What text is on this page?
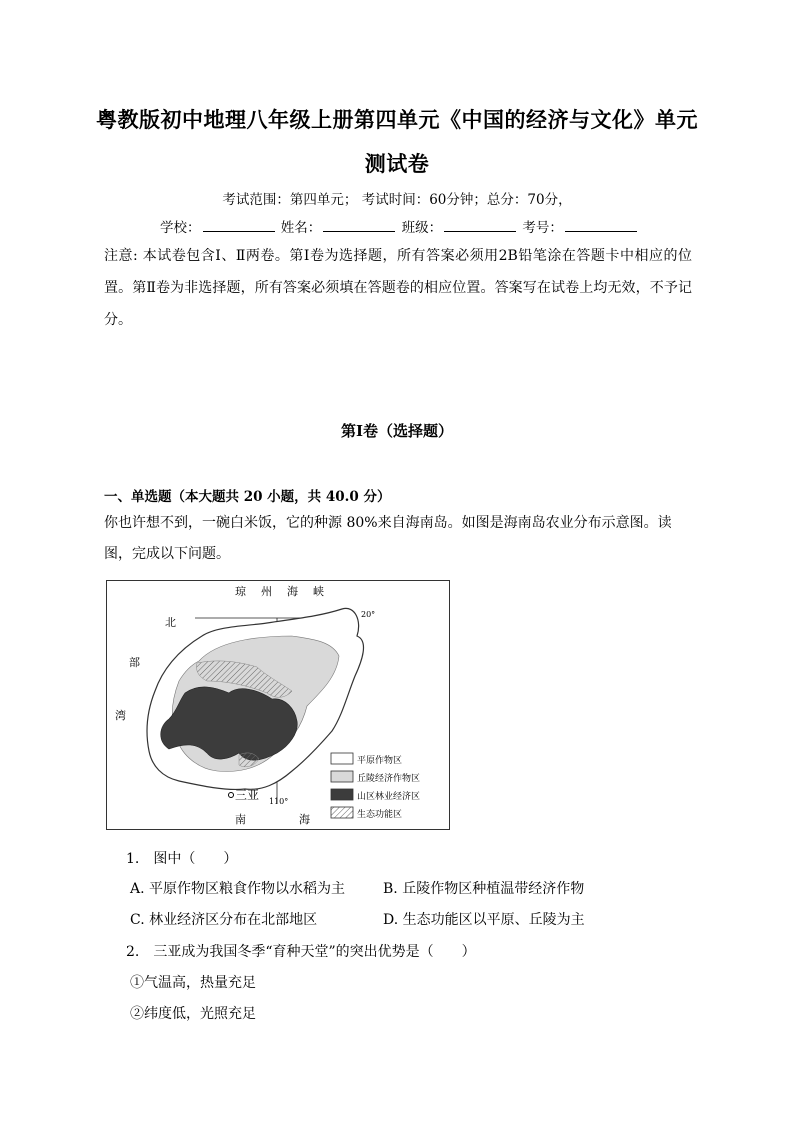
粤教版初中地理八年级上册第四单元《中国的经济与文化》单元
测试卷
考试范围：第四单元； 考试时间：60分钟；总分：70分，
学校：	姓名：	班级：	考号：
注意: 本试卷包含Ⅰ、Ⅱ两卷。第Ⅰ卷为选择题，所有答案必须用2B铅笔涂在答题卡中相应的位置。第Ⅱ卷为非选择题，所有答案必须填在答题卷的相应位置。答案写在试卷上均无效，不予记分。
第Ⅰ卷（选择题）
一、单选题（本大题共 20 小题，共 40.0 分）
你也许想不到，一碗白米饭，它的种源 80%来自海南岛。如图是海南岛农业分布示意图。读图，完成以下问题。
琼　州　海　峡
20°
北
部
湾
南	海
三亚 110°
平原作物区
丘陵经济作物区
山区林业经济区
生态功能区
1.　图中（　　）
A. 平原作物区粮食作物以水稻为主	B. 丘陵作物区种植温带经济作物
C. 林业经济区分布在北部地区	D. 生态功能区以平原、丘陵为主
2.　三亚成为我国冬季“育种天堂”的突出优势是（　　）
①气温高，热量充足
②纬度低，光照充足
